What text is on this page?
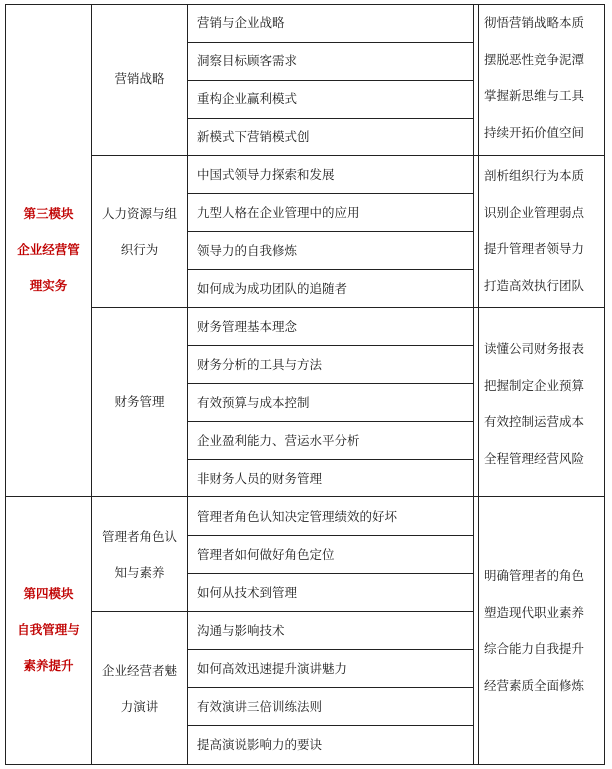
第三模块
企业经营管
理实务
营销战略
营销与企业战略
洞察目标顾客需求
重构企业赢利模式
新模式下营销模式创
彻悟营销战略本质
摆脱恶性竞争泥潭
掌握新思维与工具
持续开拓价值空间
人力资源与组
织行为
中国式领导力探索和发展
九型人格在企业管理中的应用
领导力的自我修炼
如何成为成功团队的追随者
剖析组织行为本质
识别企业管理弱点
提升管理者领导力
打造高效执行团队
财务管理
财务管理基本理念
财务分析的工具与方法
有效预算与成本控制
企业盈利能力、营运水平分析
非财务人员的财务管理
读懂公司财务报表
把握制定企业预算
有效控制运营成本
全程管理经营风险
第四模块
自我管理与
素养提升
管理者角色认
知与素养
管理者角色认知决定管理绩效的好坏
管理者如何做好角色定位
如何从技术到管理
企业经营者魅
力演讲
沟通与影响技术
如何高效迅速提升演讲魅力
有效演讲三倍训练法则
提高演说影响力的要诀
明确管理者的角色
塑造现代职业素养
综合能力自我提升
经营素质全面修炼
